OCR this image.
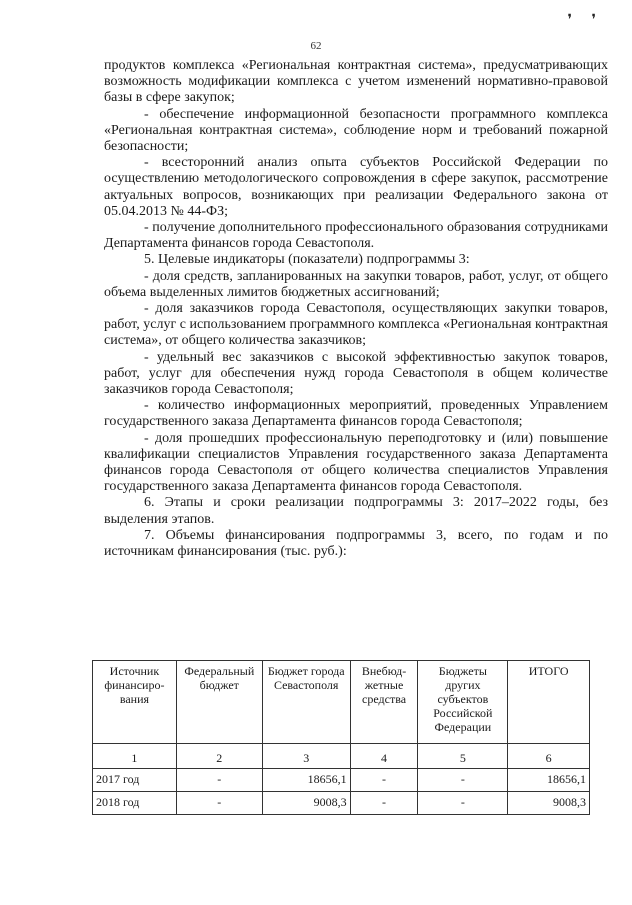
62
❜ ❜

продуктов комплекса «Региональная контрактная система», предусматривающих возможность модификации комплекса с учетом изменений нормативно-правовой базы в сфере закупок;

- обеспечение информационной безопасности программного комплекса «Региональная контрактная система», соблюдение норм и требований пожарной безопасности;

- всесторонний анализ опыта субъектов Российской Федерации по осуществлению методологического сопровождения в сфере закупок, рассмотрение актуальных вопросов, возникающих при реализации Федерального закона от 05.04.2013 № 44-ФЗ;

- получение дополнительного профессионального образования сотрудниками Департамента финансов города Севастополя.

5. Целевые индикаторы (показатели) подпрограммы 3:

- доля средств, запланированных на закупки товаров, работ, услуг, от общего объема выделенных лимитов бюджетных ассигнований;

- доля заказчиков города Севастополя, осуществляющих закупки товаров, работ, услуг с использованием программного комплекса «Региональная контрактная система», от общего количества заказчиков;

- удельный вес заказчиков с высокой эффективностью закупок товаров, работ, услуг для обеспечения нужд города Севастополя в общем количестве заказчиков города Севастополя;

- количество информационных мероприятий, проведенных Управлением государственного заказа Департамента финансов города Севастополя;

- доля прошедших профессиональную переподготовку и (или) повышение квалификации специалистов Управления государственного заказа Департамента финансов города Севастополя от общего количества специалистов Управления государственного заказа Департамента финансов города Севастополя.

6. Этапы и сроки реализации подпрограммы 3: 2017–2022 годы, без выделения этапов.

7. Объемы финансирования подпрограммы 3, всего, по годам и по источникам финансирования (тыс. руб.):

Источник финансиро-вания	Федеральный бюджет	Бюджет города Севастополя	Внебюд-жетные средства	Бюджеты других субъектов Российской Федерации	ИТОГО
1	2	3	4	5	6
2017 год	-	18656,1	-	-	18656,1
2018 год	-	9008,3	-	-	9008,3
